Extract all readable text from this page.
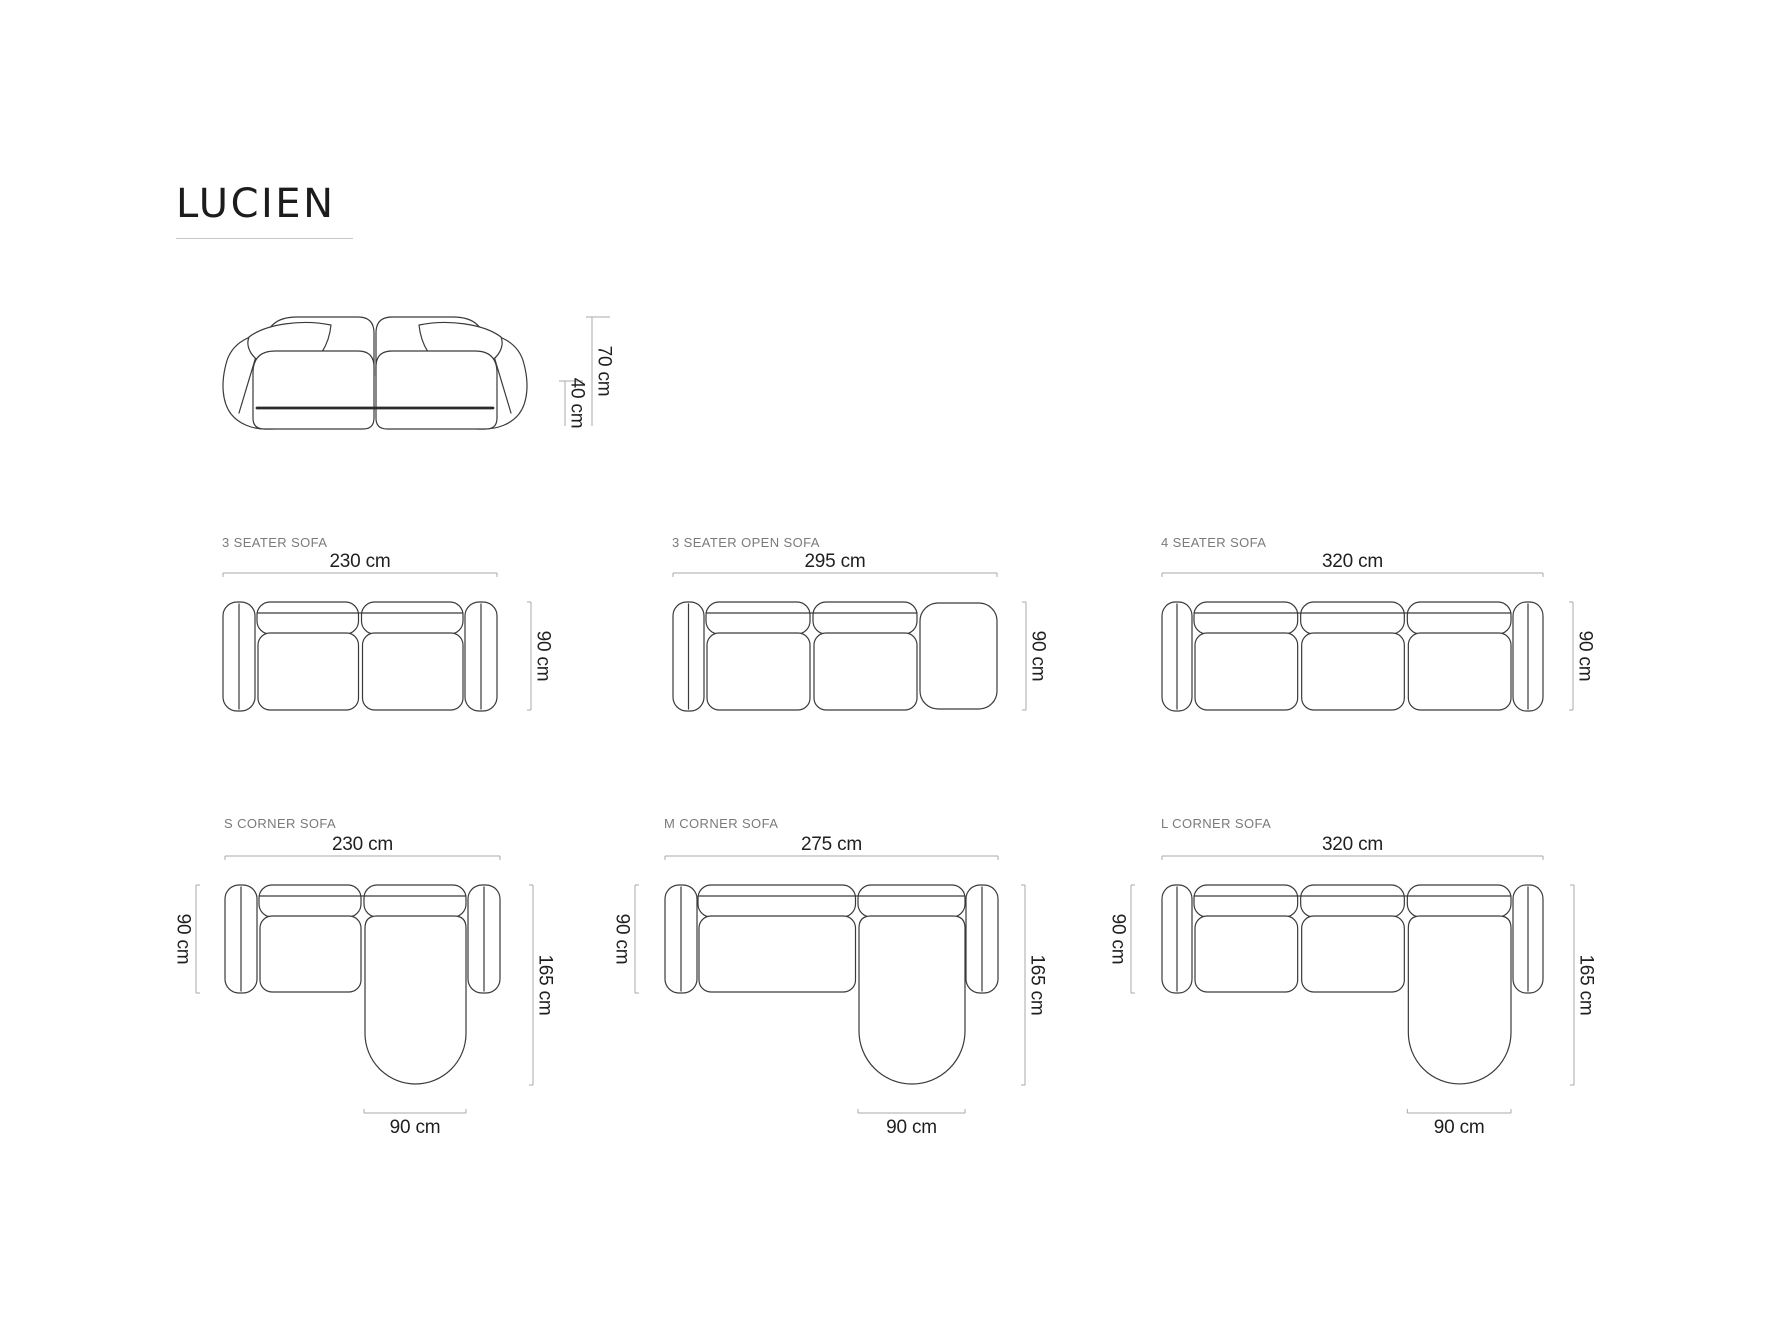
LUCIEN
3 SEATER SOFA
230 cm
90 cm
3 SEATER OPEN SOFA
295 cm
90 cm
4 SEATER SOFA
320 cm
90 cm
S CORNER SOFA
230 cm
90 cm
165 cm
90 cm
M CORNER SOFA
275 cm
90 cm
165 cm
90 cm
L CORNER SOFA
320 cm
90 cm
165 cm
90 cm
70 cm
40 cm
